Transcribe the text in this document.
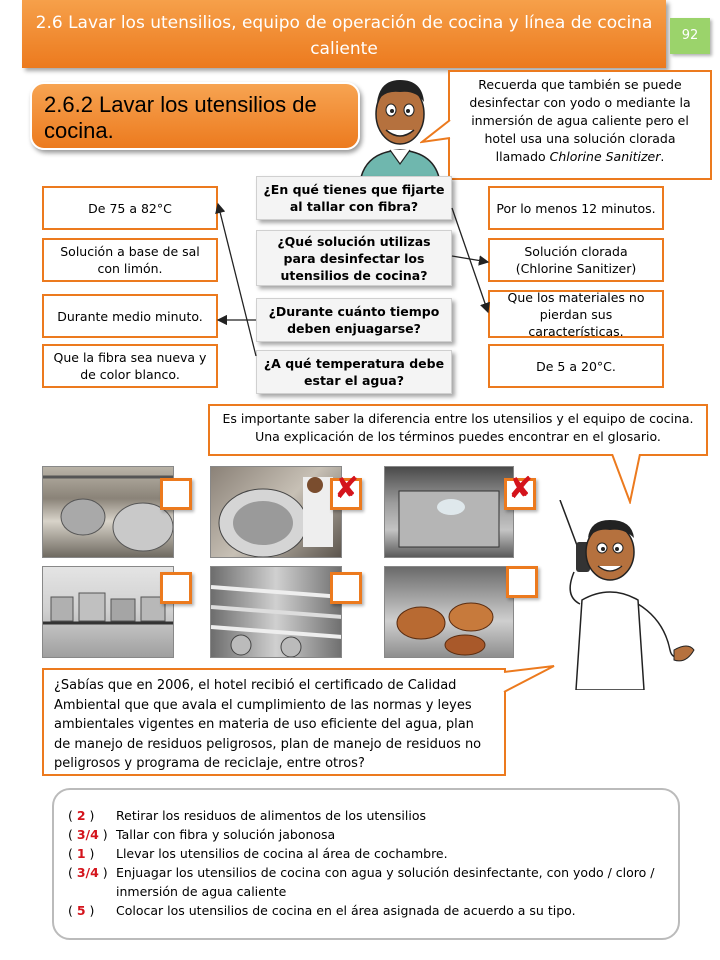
2.6 Lavar los utensilios, equipo de operación de cocina y línea de cocina caliente
92
2.6.2 Lavar los utensilios de cocina.
Recuerda que también se puede desinfectar con yodo o mediante la inmersión de agua caliente pero el hotel usa una solución clorada llamado Chlorine Sanitizer.
De 75 a 82°C
Solución a base de sal con limón.
Durante medio minuto.
Que la fibra sea nueva y de color blanco.
¿En qué tienes que fijarte al tallar con fibra?
¿Qué solución utilizas para desinfectar los utensilios de cocina?
¿Durante cuánto tiempo deben enjuagarse?
¿A qué temperatura debe estar el agua?
Por lo menos 12 minutos.
Solución clorada (Chlorine Sanitizer)
Que los materiales no pierdan sus características.
De 5 a 20°C.
Es importante saber la diferencia entre los utensilios y el equipo de cocina. Una explicación de los términos puedes encontrar en el glosario.
✘	✘
¿Sabías que en 2006, el hotel recibió el certificado de Calidad Ambiental que que avala el cumplimiento de las normas y leyes ambientales vigentes en materia de uso eficiente del agua, plan de manejo de residuos peligrosos, plan de manejo de residuos no peligrosos y programa de reciclaje, entre otros?
( 2 )	Retirar los residuos de alimentos de los utensilios
( 3/4 ) Tallar con fibra y solución jabonosa
( 1 )	Llevar los utensilios de cocina al área de cochambre.
( 3/4 ) Enjuagar los utensilios de cocina con agua y solución desinfectante, con yodo / cloro / inmersión de agua caliente
( 5 )	Colocar los utensilios de cocina en el área asignada de acuerdo a su tipo.
